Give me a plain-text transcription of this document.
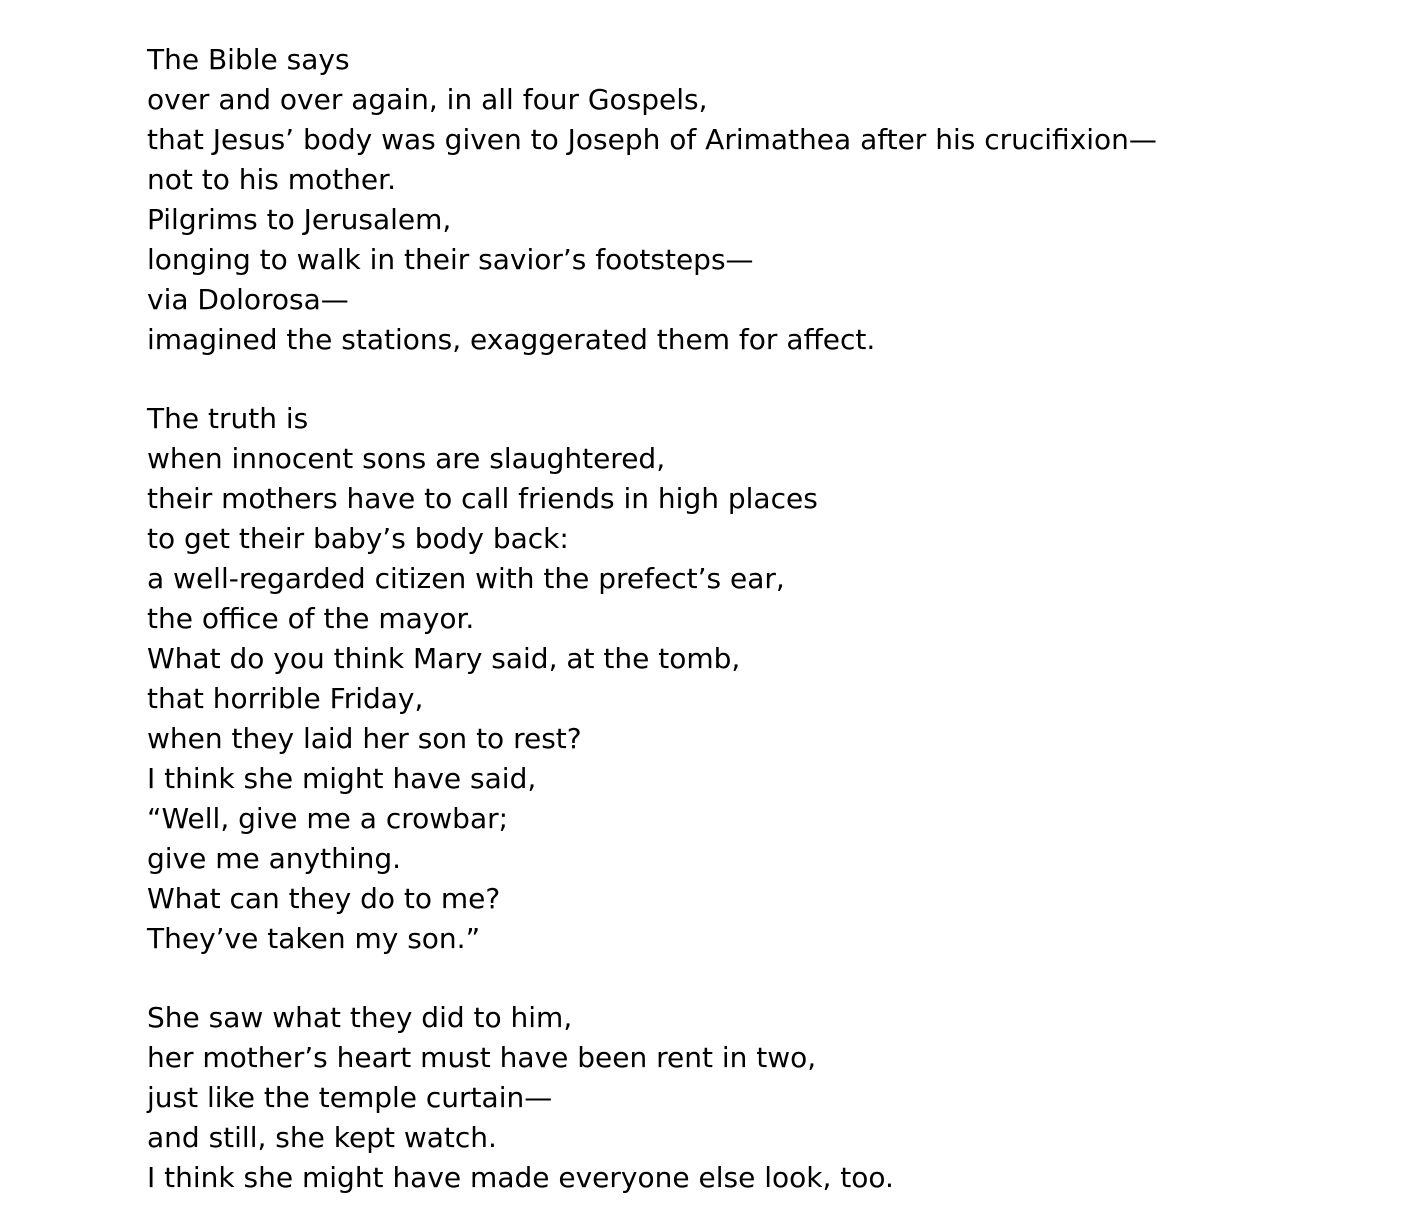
The Bible says
over and over again, in all four Gospels,
that Jesus’ body was given to Joseph of Arimathea after his crucifixion—
not to his mother.
Pilgrims to Jerusalem,
longing to walk in their savior’s footsteps—
via Dolorosa—
imagined the stations, exaggerated them for affect.
The truth is
when innocent sons are slaughtered,
their mothers have to call friends in high places
to get their baby’s body back:
a well-regarded citizen with the prefect’s ear,
the office of the mayor.
What do you think Mary said, at the tomb,
that horrible Friday,
when they laid her son to rest?
I think she might have said,
“Well, give me a crowbar;
give me anything.
What can they do to me?
They’ve taken my son.”
She saw what they did to him,
her mother’s heart must have been rent in two,
just like the temple curtain—
and still, she kept watch.
I think she might have made everyone else look, too.
